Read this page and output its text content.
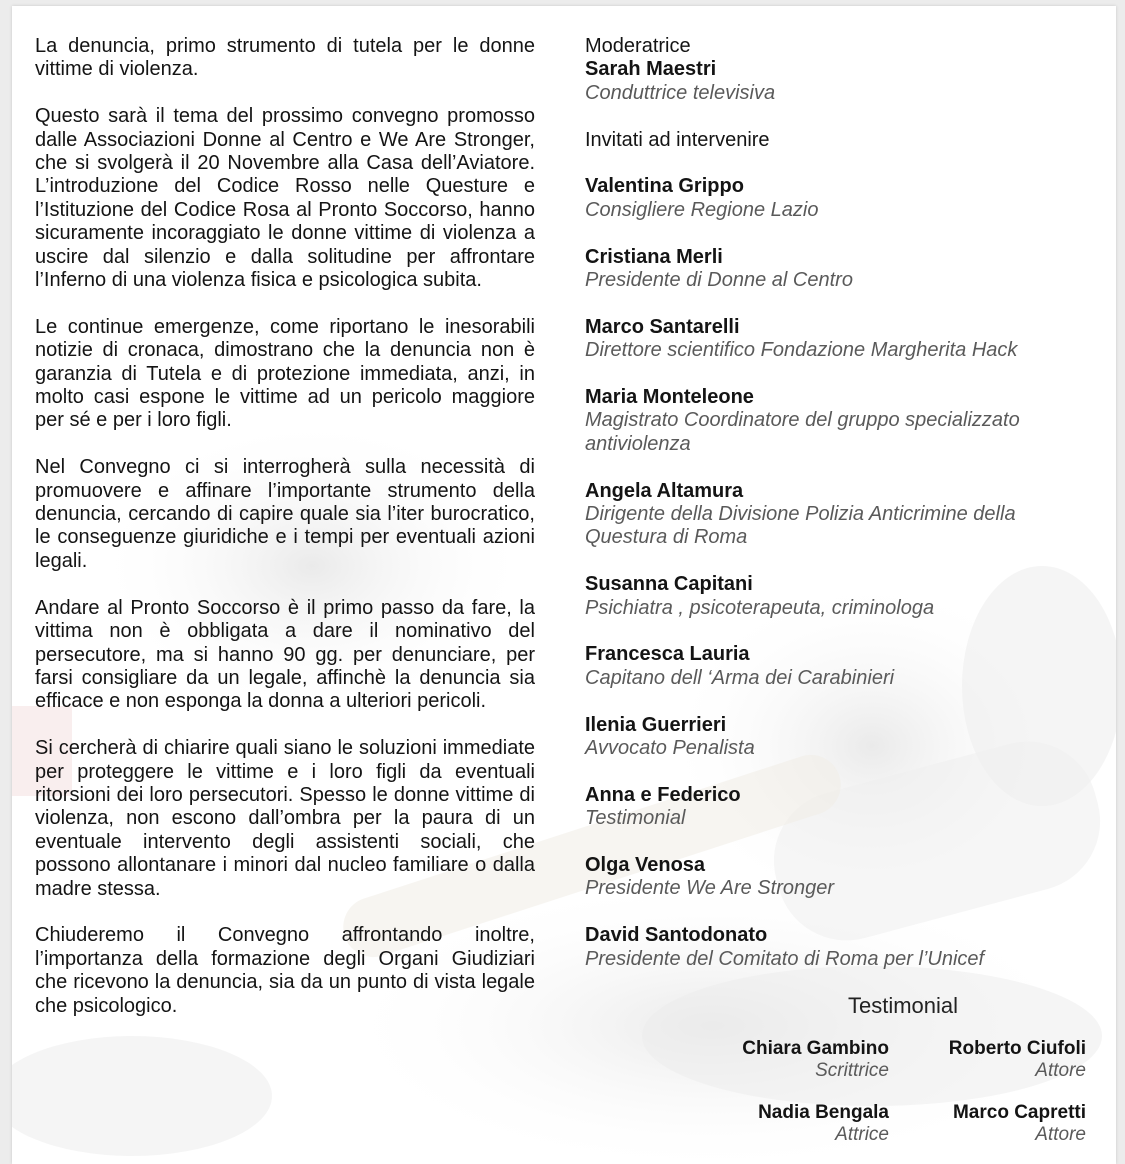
La denuncia, primo strumento di tutela per le donne vittime di violenza.

Questo sarà il tema del prossimo convegno promosso dalle Associazioni Donne al Centro e We Are Stronger, che si svolgerà il 20 Novembre alla Casa dell’Aviatore. L’introduzione del Codice Rosso nelle Questure e l’Istituzione del Codice Rosa al Pronto Soccorso, hanno sicuramente incoraggiato le donne vittime di violenza a uscire dal silenzio e dalla solitudine per affrontare l’Inferno di una violenza fisica e psicologica subita.

Le continue emergenze, come riportano le inesorabili notizie di cronaca, dimostrano che la denuncia non è garanzia di Tutela e di protezione immediata, anzi, in molto casi espone le vittime ad un pericolo maggiore per sé e per i loro figli.

Nel Convegno ci si interrogherà sulla necessità di promuovere e affinare l’importante strumento della denuncia, cercando di capire quale sia l’iter burocratico, le conseguenze giuridiche e i tempi per eventuali azioni legali.

Andare al Pronto Soccorso è il primo passo da fare, la vittima non è obbligata a dare il nominativo del persecutore, ma si hanno 90 gg. per denunciare, per farsi consigliare da un legale, affinchè la denuncia sia efficace e non esponga la donna a ulteriori pericoli.

Si cercherà di chiarire quali siano le soluzioni immediate per proteggere le vittime e i loro figli da eventuali ritorsioni dei loro persecutori. Spesso le donne vittime di violenza, non escono dall’ombra per la paura di un eventuale intervento degli assistenti sociali, che possono allontanare i minori dal nucleo familiare o dalla madre stessa.

Chiuderemo il Convegno affrontando inoltre, l’importanza della formazione degli Organi Giudiziari che ricevono la denuncia, sia da un punto di vista legale che psicologico.

Moderatrice
Sarah Maestri
Conduttrice televisiva
Invitati ad intervenire
Valentina Grippo
Consigliere Regione Lazio
Cristiana Merli
Presidente di Donne al Centro
Marco Santarelli
Direttore scientifico Fondazione Margherita Hack
Maria Monteleone
Magistrato Coordinatore del gruppo specializzato antiviolenza
Angela Altamura
Dirigente della Divisione Polizia Anticrimine della Questura di Roma
Susanna Capitani
Psichiatra , psicoterapeuta, criminologa
Francesca Lauria
Capitano dell ‘Arma dei Carabinieri
Ilenia Guerrieri
Avvocato Penalista
Anna e Federico
Testimonial
Olga Venosa
Presidente We Are Stronger
David Santodonato
Presidente del Comitato di Roma per l’Unicef
Testimonial
Chiara Gambino
Scrittrice
Roberto Ciufoli
Attore
Nadia Bengala
Attrice
Marco Capretti
Attore
